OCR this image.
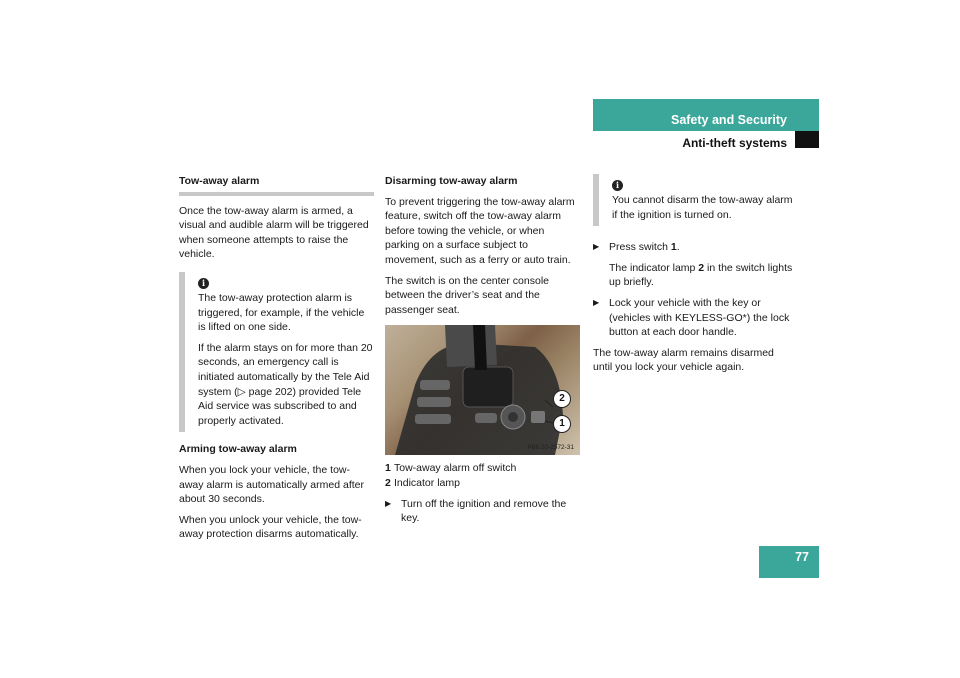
Safety and Security
Anti-theft systems
Tow-away alarm

Once the tow-away alarm is armed, a visual and audible alarm will be triggered when someone attempts to raise the vehicle.

i

The tow-away protection alarm is triggered, for example, if the vehicle is lifted on one side.

If the alarm stays on for more than 20 seconds, an emergency call is initiated automatically by the Tele Aid system (▷ page 202) provided Tele Aid service was subscribed to and properly activated.

Arming tow-away alarm

When you lock your vehicle, the tow-away alarm is automatically armed after about 30 seconds.

When you unlock your vehicle, the tow-away protection disarms automatically.

Disarming tow-away alarm

To prevent triggering the tow-away alarm feature, switch off the tow-away alarm before towing the vehicle, or when parking on a surface subject to movement, such as a ferry or auto train.

The switch is on the center console between the driver’s seat and the passenger seat.

2
1
P68.20-2572-31
1 Tow-away alarm off switch
2 Indicator lamp
▶ Turn off the ignition and remove the key.
i

You cannot disarm the tow-away alarm if the ignition is turned on.

▶ Press switch 1.
The indicator lamp 2 in the switch lights up briefly.
▶ Lock your vehicle with the key or (vehicles with KEYLESS-GO*) the lock button at each door handle.

The tow-away alarm remains disarmed until you lock your vehicle again.

77
